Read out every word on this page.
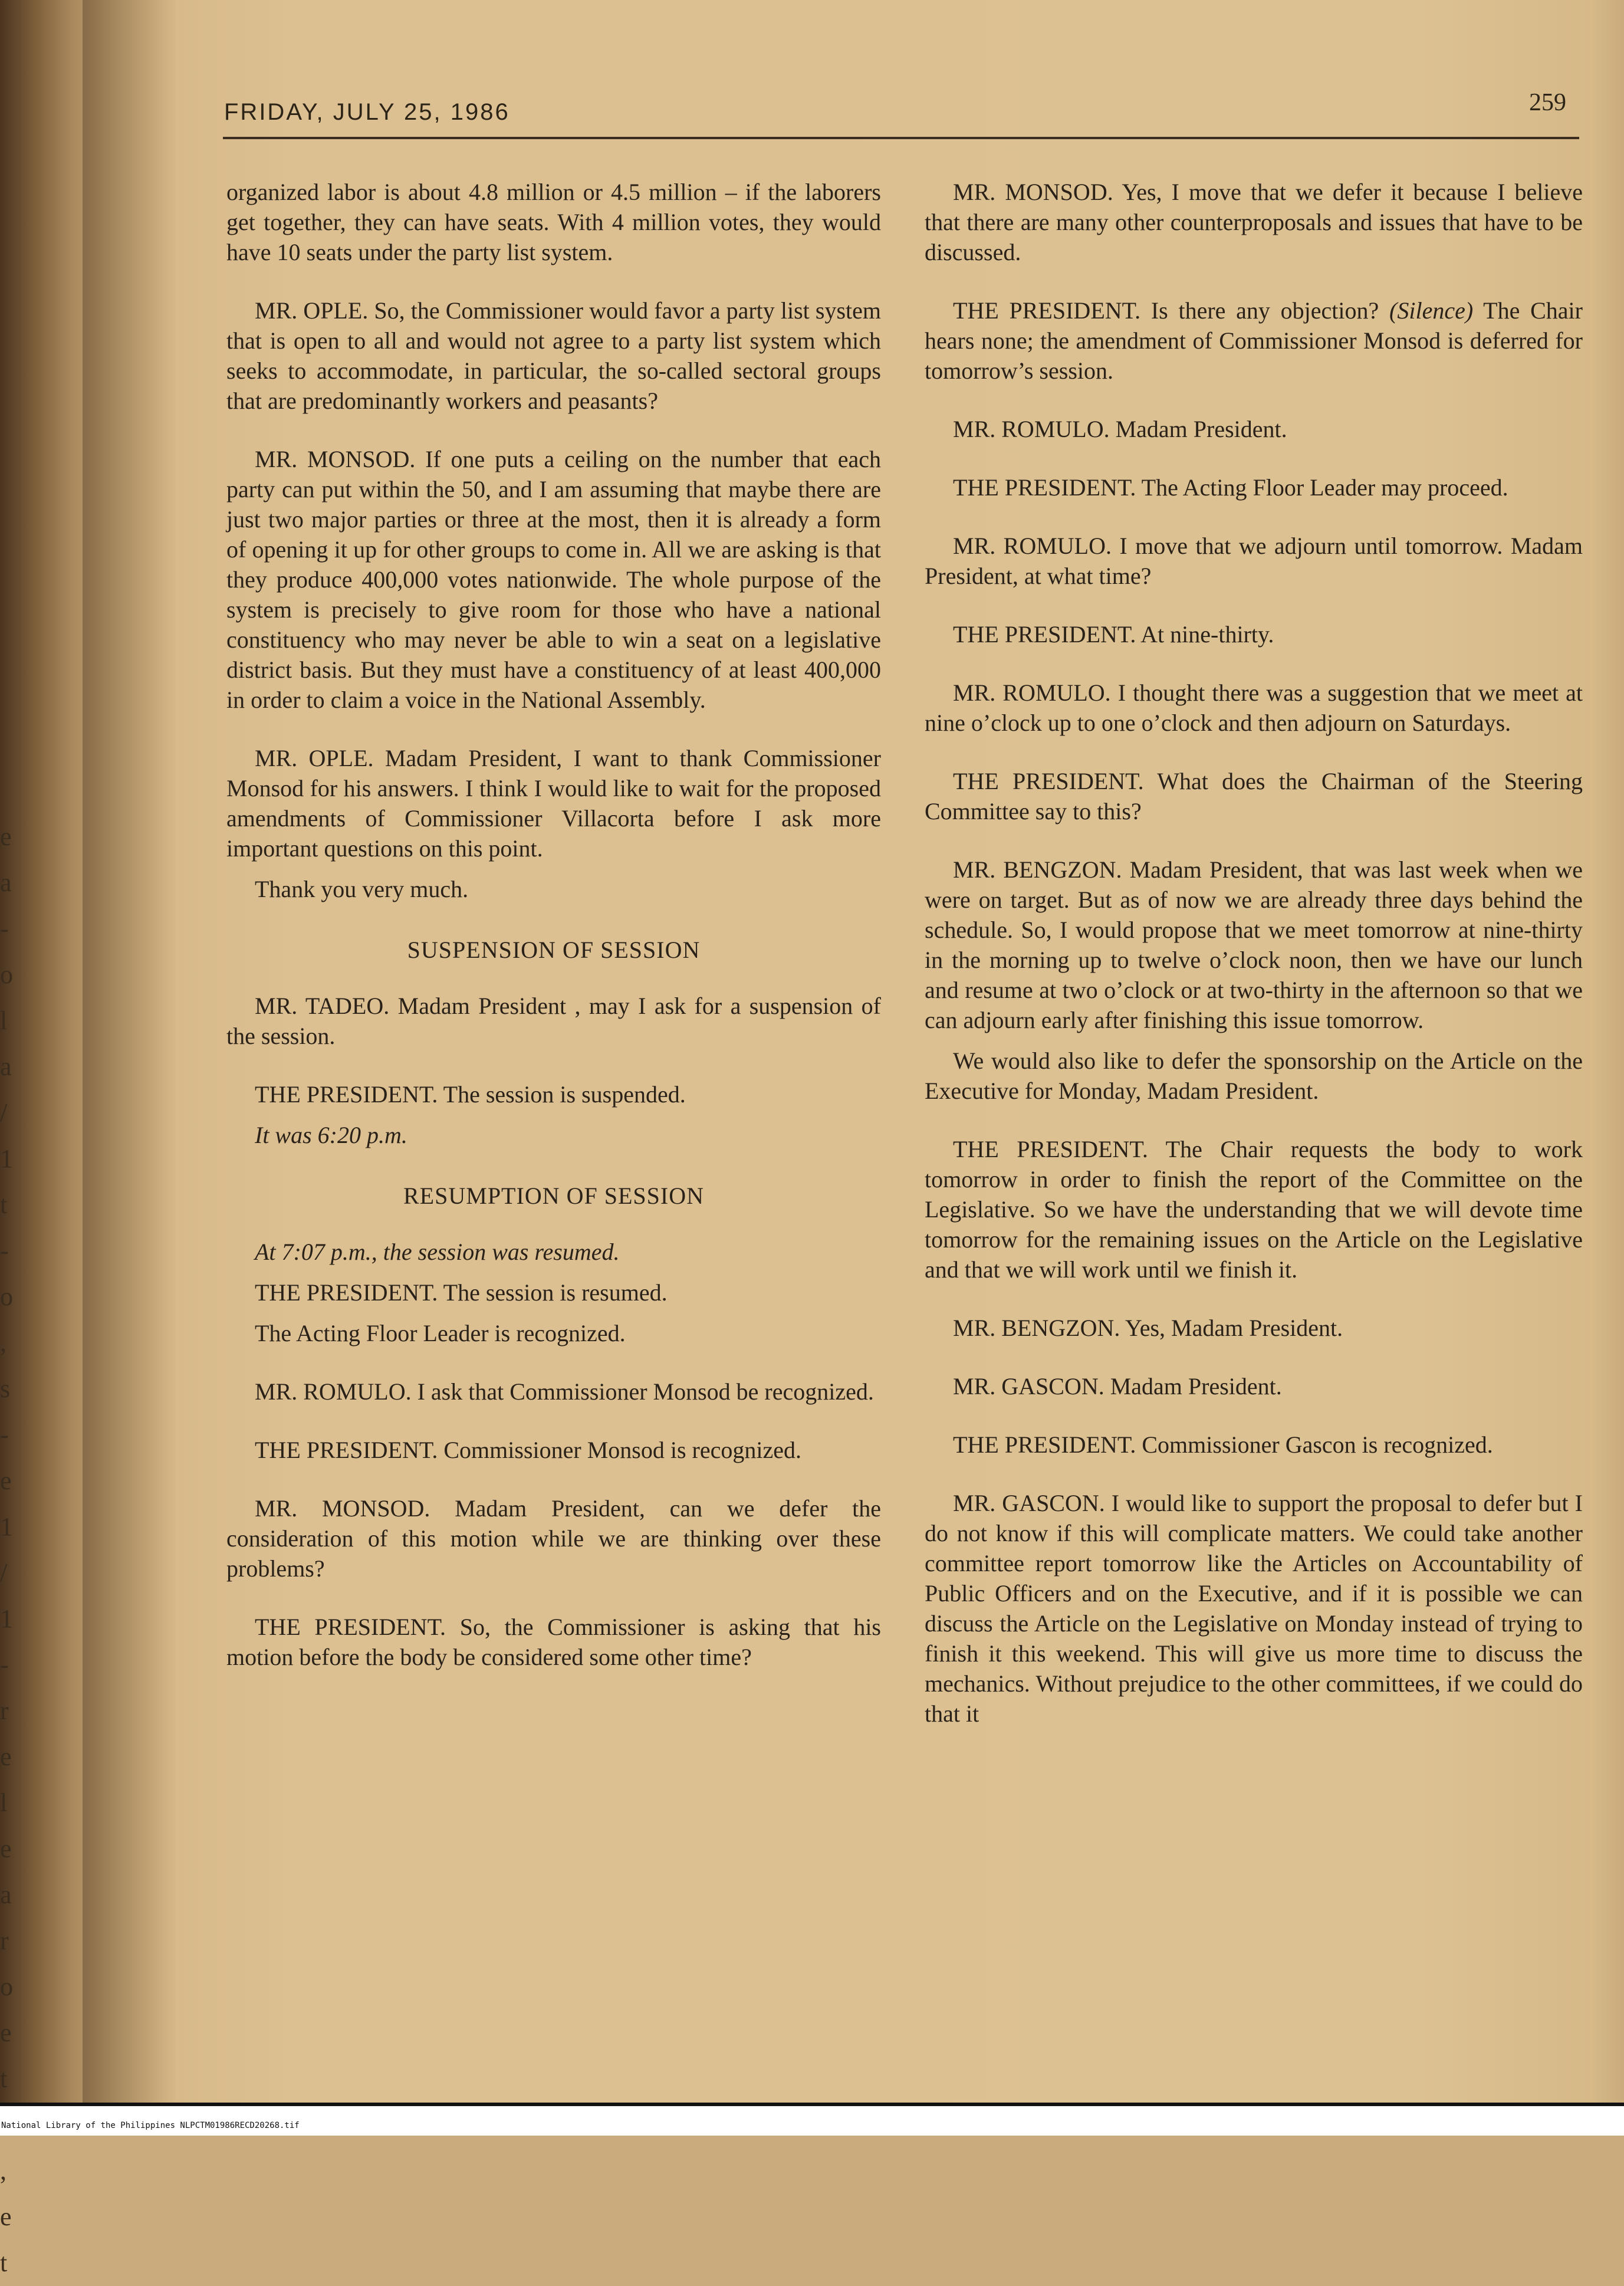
e
a
-
o
l
a
/
1
t
-
o
,
s
-
e
1
/
1
-
r
e
l
e
a
r
o
e
t
,
e
t
FRIDAY, JULY 25, 1986	259

organized labor is about 4.8 million or 4.5 million – if the laborers get together, they can have seats. With 4 million votes, they would have 10 seats under the party list system.

MR. OPLE. So, the Commissioner would favor a party list system that is open to all and would not agree to a party list system which seeks to accommodate, in particular, the so-called sectoral groups that are predominantly workers and peasants?

MR. MONSOD. If one puts a ceiling on the number that each party can put within the 50, and I am assuming that maybe there are just two major parties or three at the most, then it is already a form of opening it up for other groups to come in. All we are asking is that they produce 400,000 votes nationwide. The whole purpose of the system is precisely to give room for those who have a national constituency who may never be able to win a seat on a legislative district basis. But they must have a constituency of at least 400,000 in order to claim a voice in the National Assembly.

MR. OPLE. Madam President, I want to thank Commissioner Monsod for his answers. I think I would like to wait for the proposed amendments of Commissioner Villacorta before I ask more important questions on this point.

Thank you very much.

SUSPENSION OF SESSION

MR. TADEO. Madam President , may I ask for a suspension of the session.

THE PRESIDENT. The session is suspended.

It was 6:20 p.m.

RESUMPTION OF SESSION

At 7:07 p.m., the session was resumed.

THE PRESIDENT. The session is resumed.

The Acting Floor Leader is recognized.

MR. ROMULO. I ask that Commissioner Monsod be recognized.

THE PRESIDENT. Commissioner Monsod is recognized.

MR. MONSOD. Madam President, can we defer the consideration of this motion while we are thinking over these problems?

THE PRESIDENT. So, the Commissioner is asking that his motion before the body be considered some other time?

MR. MONSOD. Yes, I move that we defer it because I believe that there are many other counterproposals and issues that have to be discussed.

THE PRESIDENT. Is there any objection? (Silence) The Chair hears none; the amendment of Commissioner Monsod is deferred for tomorrow’s session.

MR. ROMULO. Madam President.

THE PRESIDENT. The Acting Floor Leader may proceed.

MR. ROMULO. I move that we adjourn until tomorrow. Madam President, at what time?

THE PRESIDENT. At nine-thirty.

MR. ROMULO. I thought there was a suggestion that we meet at nine o’clock up to one o’clock and then adjourn on Saturdays.

THE PRESIDENT. What does the Chairman of the Steering Committee say to this?

MR. BENGZON. Madam President, that was last week when we were on target. But as of now we are already three days behind the schedule. So, I would propose that we meet tomorrow at nine-thirty in the morning up to twelve o’clock noon, then we have our lunch and resume at two o’clock or at two-thirty in the afternoon so that we can adjourn early after finishing this issue tomorrow.

We would also like to defer the sponsorship on the Article on the Executive for Monday, Madam President.

THE PRESIDENT. The Chair requests the body to work tomorrow in order to finish the report of the Committee on the Legislative. So we have the understanding that we will devote time tomorrow for the remaining issues on the Article on the Legislative and that we will work until we finish it.

MR. BENGZON. Yes, Madam President.

MR. GASCON. Madam President.

THE PRESIDENT. Commissioner Gascon is recognized.

MR. GASCON. I would like to support the proposal to defer but I do not know if this will complicate matters. We could take another committee report tomorrow like the Articles on Accountability of Public Officers and on the Executive, and if it is possible we can discuss the Article on the Legislative on Monday instead of trying to finish it this weekend. This will give us more time to discuss the mechanics. Without prejudice to the other committees, if we could do that it

National Library of the Philippines NLPCTM01986RECD20268.tif
